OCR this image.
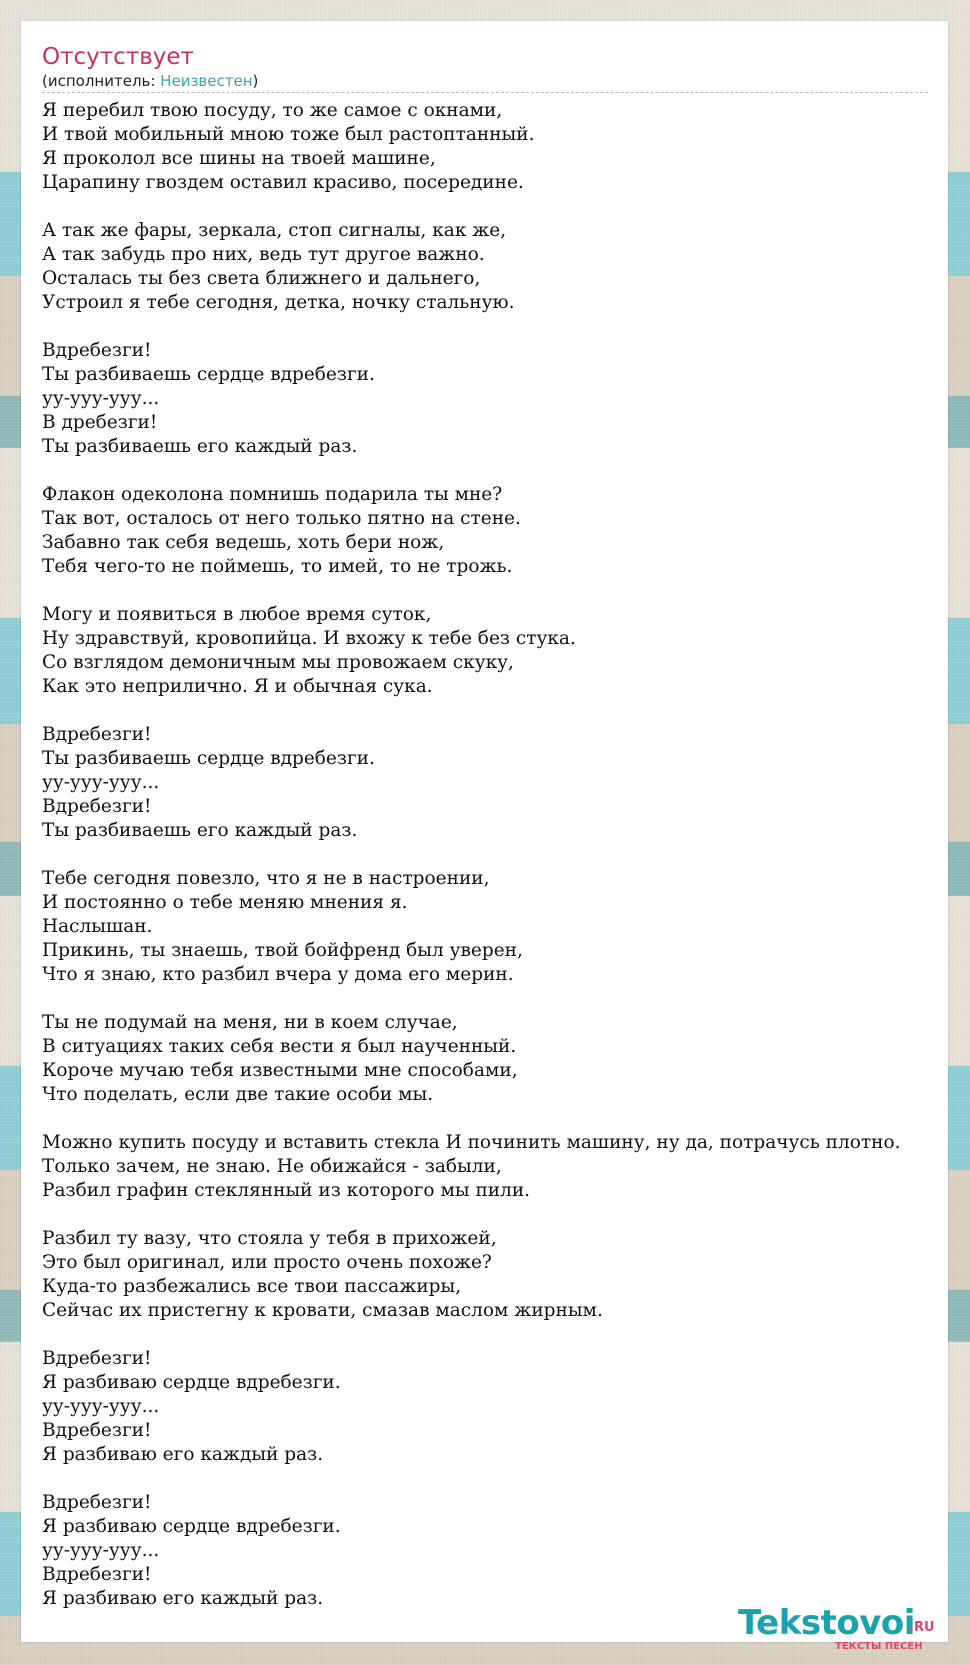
Отсутствует
(исполнитель: Неизвестен)
Я перебил твою посуду, то же самое с окнами,
И твой мобильный мною тоже был растоптанный.
Я проколол все шины на твоей машине,
Царапину гвоздем оставил красиво, посередине.
А так же фары, зеркала, стоп сигналы, как же,
А так забудь про них, ведь тут другое важно.
Осталась ты без света ближнего и дальнего,
Устроил я тебе сегодня, детка, ночку стальную.
Вдребезги!
Ты разбиваешь сердце вдребезги.
уу-ууу-ууу...
В дребезги!
Ты разбиваешь его каждый раз.
Флакон одеколона помнишь подарила ты мне?
Так вот, осталось от него только пятно на стене.
Забавно так себя ведешь, хоть бери нож,
Тебя чего-то не поймешь, то имей, то не трожь.
Могу и появиться в любое время суток,
Ну здравствуй, кровопийца. И вхожу к тебе без стука.
Со взглядом демоничным мы провожаем скуку,
Как это неприлично. Я и обычная сука.
Вдребезги!
Ты разбиваешь сердце вдребезги.
уу-ууу-ууу...
Вдребезги!
Ты разбиваешь его каждый раз.
Тебе сегодня повезло, что я не в настроении,
И постоянно о тебе меняю мнения я.
Наслышан.
Прикинь, ты знаешь, твой бойфренд был уверен,
Что я знаю, кто разбил вчера у дома его мерин.
Ты не подумай на меня, ни в коем случае,
В ситуациях таких себя вести я был наученный.
Короче мучаю тебя известными мне способами,
Что поделать, если две такие особи мы.
Можно купить посуду и вставить стекла И починить машину, ну да, потрачусь плотно.
Только зачем, не знаю. Не обижайся - забыли,
Разбил графин стеклянный из которого мы пили.
Разбил ту вазу, что стояла у тебя в прихожей,
Это был оригинал, или просто очень похоже?
Куда-то разбежались все твои пассажиры,
Сейчас их пристегну к кровати, смазав маслом жирным.
Вдребезги!
Я разбиваю сердце вдребезги.
уу-ууу-ууу...
Вдребезги!
Я разбиваю его каждый раз.
Вдребезги!
Я разбиваю сердце вдребезги.
уу-ууу-ууу...
Вдребезги!
Я разбиваю его каждый раз.
Tekstovoi
.RU
ТЕКСТЫ ПЕСЕН
